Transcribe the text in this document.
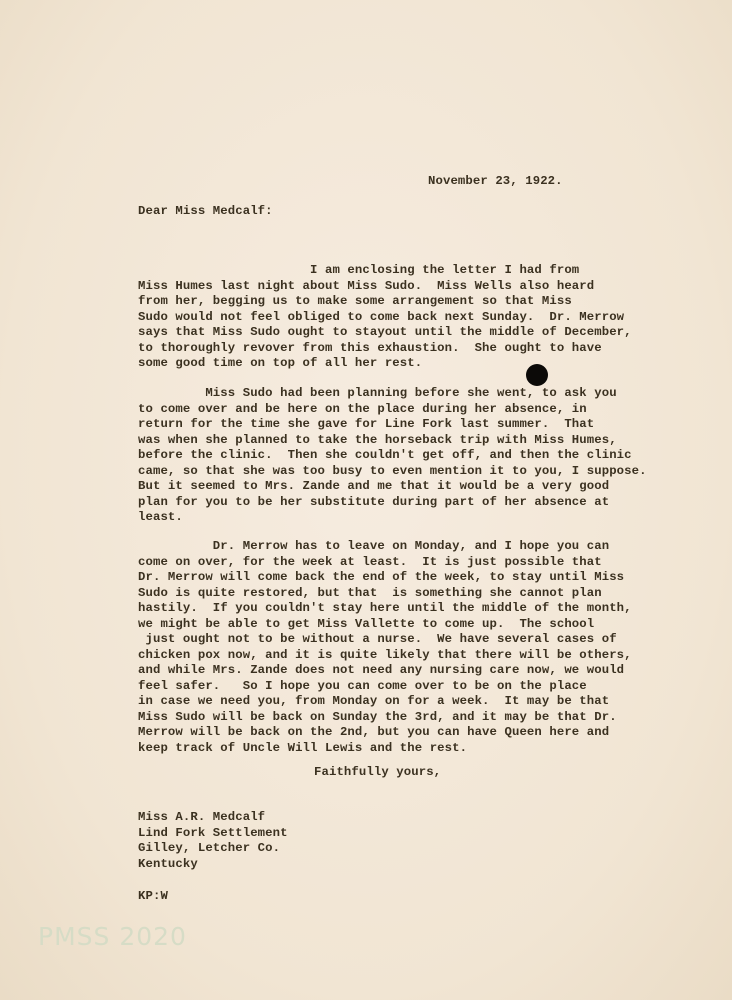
November 23, 1922.
Dear Miss Medcalf:
I am enclosing the letter I had from
Miss Humes last night about Miss Sudo.  Miss Wells also heard
from her, begging us to make some arrangement so that Miss
Sudo would not feel obliged to come back next Sunday.  Dr. Merrow
says that Miss Sudo ought to stayout until the middle of December,
to thoroughly revover from this exhaustion.  She ought to have
some good time on top of all her rest.
Miss Sudo had been planning before she went, to ask you
to come over and be here on the place during her absence, in
return for the time she gave for Line Fork last summer.  That
was when she planned to take the horseback trip with Miss Humes,
before the clinic.  Then she couldn't get off, and then the clinic
came, so that she was too busy to even mention it to you, I suppose.
But it seemed to Mrs. Zande and me that it would be a very good
plan for you to be her substitute during part of her absence at
least.
Dr. Merrow has to leave on Monday, and I hope you can
come on over, for the week at least.  It is just possible that
Dr. Merrow will come back the end of the week, to stay until Miss
Sudo is quite restored, but that  is something she cannot plan
hastily.  If you couldn't stay here until the middle of the month,
we might be able to get Miss Vallette to come up.  The school
just ought not to be without a nurse.  We have several cases of
chicken pox now, and it is quite likely that there will be others,
and while Mrs. Zande does not need any nursing care now, we would
feel safer.   So I hope you can come over to be on the place
in case we need you, from Monday on for a week.  It may be that
Miss Sudo will be back on Sunday the 3rd, and it may be that Dr.
Merrow will be back on the 2nd, but you can have Queen here and
keep track of Uncle Will Lewis and the rest.
Faithfully yours,
Miss A.R. Medcalf
Lind Fork Settlement
Gilley, Letcher Co.
Kentucky
KP:W
PMSS 2020
